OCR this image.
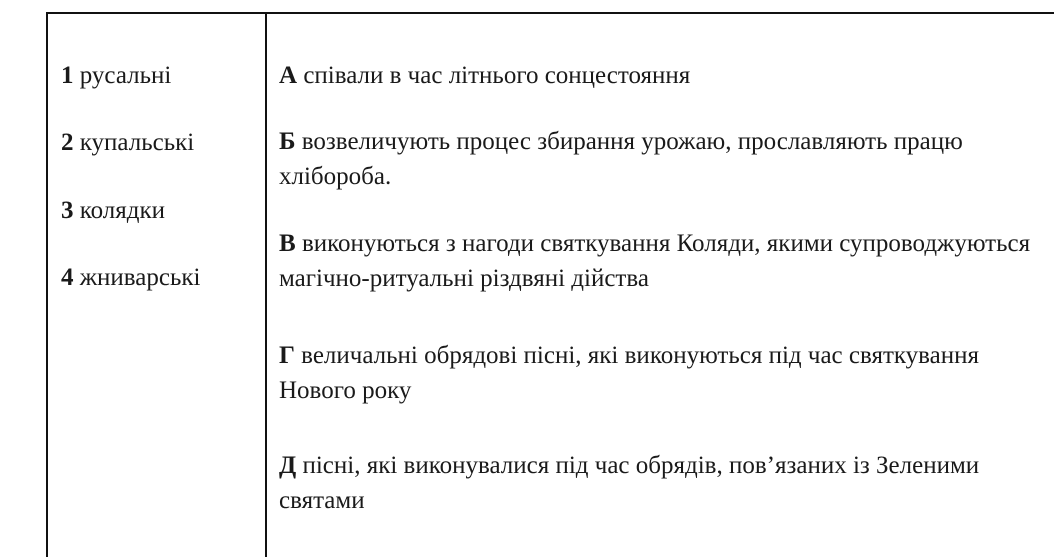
1 русальні
2 купальські
3 колядки
4 жниварські
А співали в час літнього сонцестояння
Б возвеличують процес збирання урожаю, прославляють працю хлібороба.
В виконуються з нагоди святкування Коляди, якими супроводжуються магічно-ритуальні різдвяні дійства
Г величальні обрядові пісні, які виконуються під час святкування Нового року
Д пісні, які виконувалися під час обрядів, пов’язаних із Зеленими святами
